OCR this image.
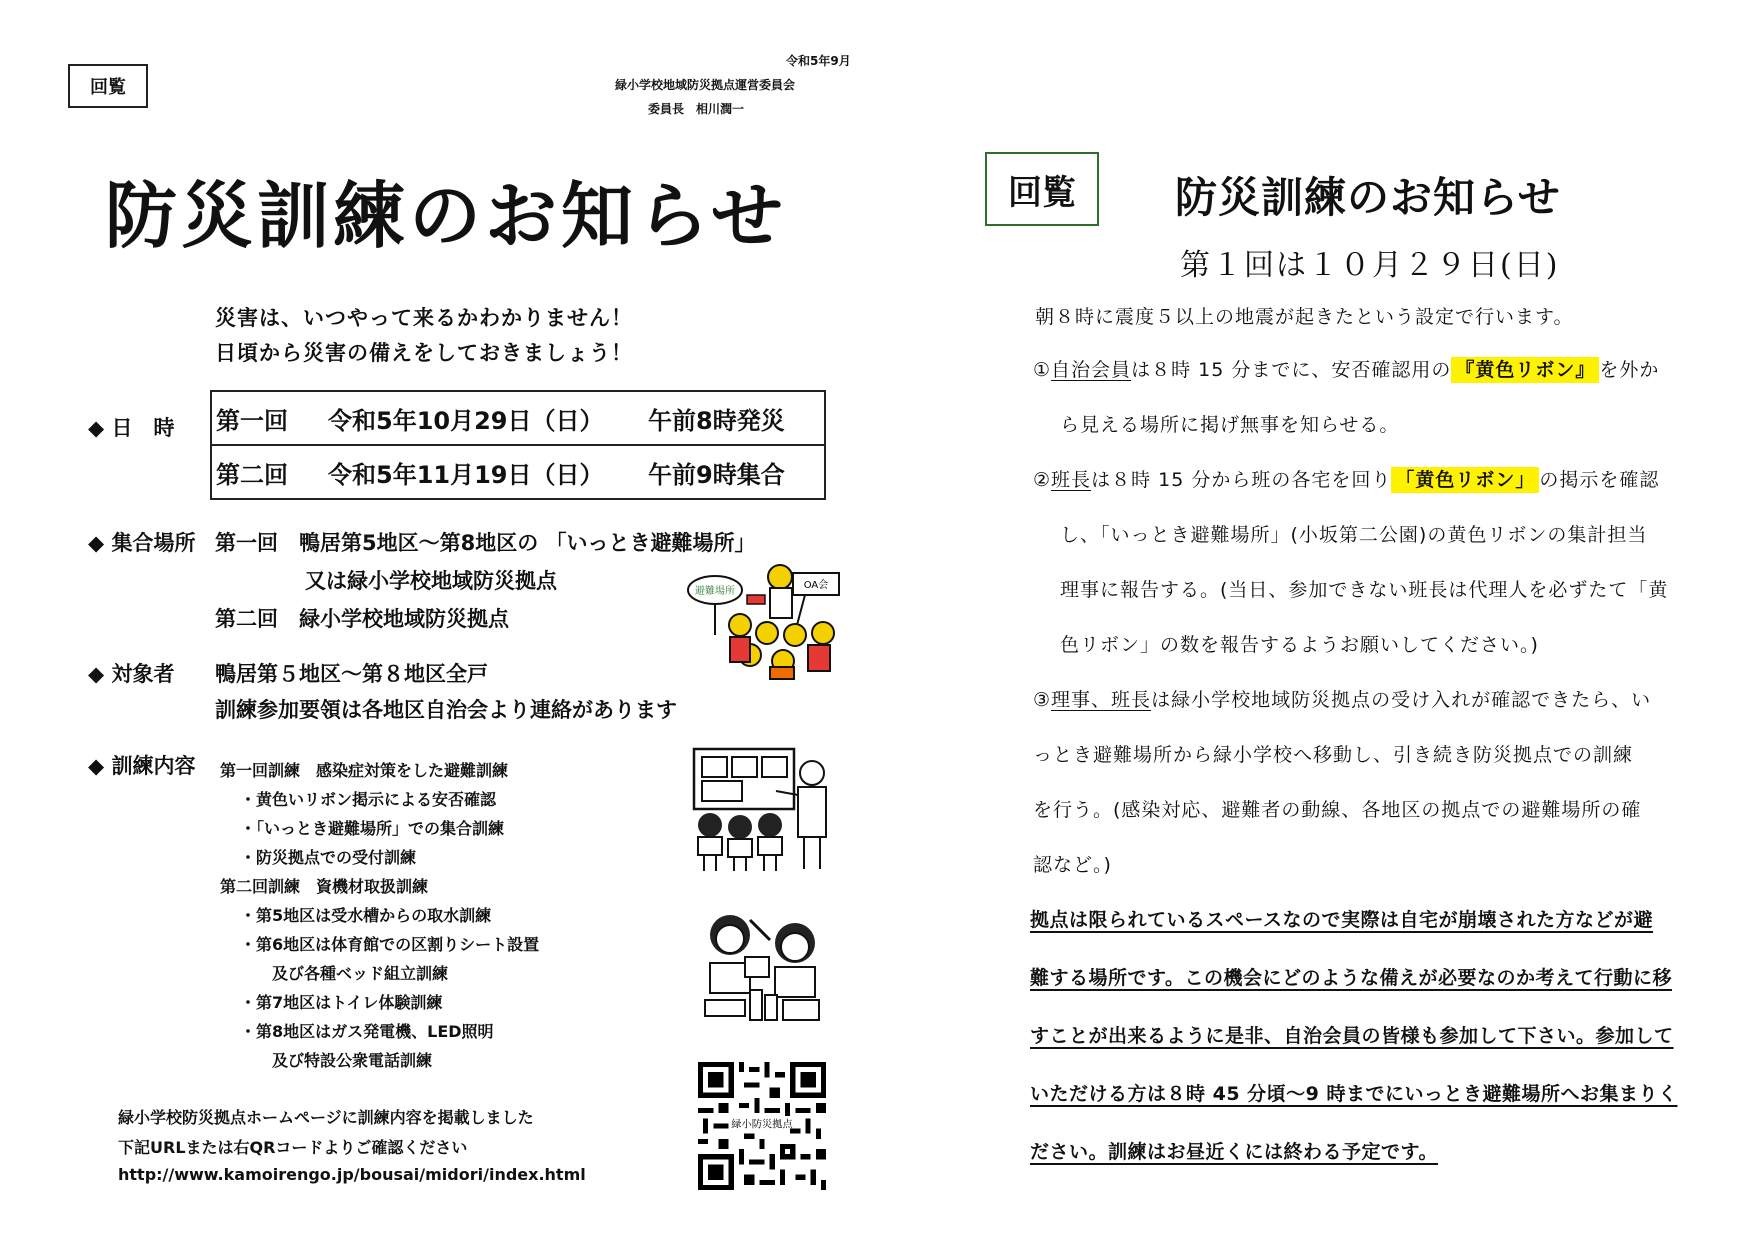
回覧
令和5年9月
緑小学校地域防災拠点運営委員会
委員長　相川潤一
防災訓練のお知らせ
災害は、いつやって来るかわかりません！
日頃から災害の備えをしておきましょう！
◆ 日　時 第一回	令和5年10月29日（日）	午前8時発災
第二回	令和5年11月19日（日）	午前9時集合
◆ 集合場所 第一回　鴨居第5地区～第8地区の 「いっとき避難場所」
又は緑小学校地域防災拠点
第二回　緑小学校地域防災拠点
◆ 対象者 鴨居第５地区～第８地区全戸
訓練参加要領は各地区自治会より連絡があります
◆ 訓練内容 第一回訓練　感染症対策をした避難訓練
・黄色いリボン掲示による安否確認
・「いっとき避難場所」での集合訓練
・防災拠点での受付訓練
第二回訓練　資機材取扱訓練
・第5地区は受水槽からの取水訓練
・第6地区は体育館での区割りシート設置
及び各種ベッド組立訓練
・第7地区はトイレ体験訓練
・第8地区はガス発電機、LED照明
及び特設公衆電話訓練
緑小学校防災拠点ホームページに訓練内容を掲載しました
下記URLまたは右QRコードよりご確認ください
http://www.kamoirengo.jp/bousai/midori/index.html
避難場所
OA会
緑小防災拠点
回覧	防災訓練のお知らせ
第１回は１０月２９日(日)
朝８時に震度５以上の地震が起きたという設定で行います。
①自治会員は８時 15 分までに、安否確認用の 『黄色リボン』 を外か
ら見える場所に掲げ無事を知らせる。
②班長は８時 15 分から班の各宅を回り 「黄色リボン」 の掲示を確認
し、「いっとき避難場所」(小坂第二公園)の黄色リボンの集計担当
理事に報告する。(当日、参加できない班長は代理人を必ずたて「黄
色リボン」の数を報告するようお願いしてください。)
③理事、班長は緑小学校地域防災拠点の受け入れが確認できたら、い
っとき避難場所から緑小学校へ移動し、引き続き防災拠点での訓練
を行う。(感染対応、避難者の動線、各地区の拠点での避難場所の確
認など。)
拠点は限られているスペースなので実際は自宅が崩壊された方などが避
難する場所です。この機会にどのような備えが必要なのか考えて行動に移
すことが出来るように是非、自治会員の皆様も参加して下さい。参加して
いただける方は８時 45 分頃～9 時までにいっとき避難場所へお集まりく
ださい。訓練はお昼近くには終わる予定です。
